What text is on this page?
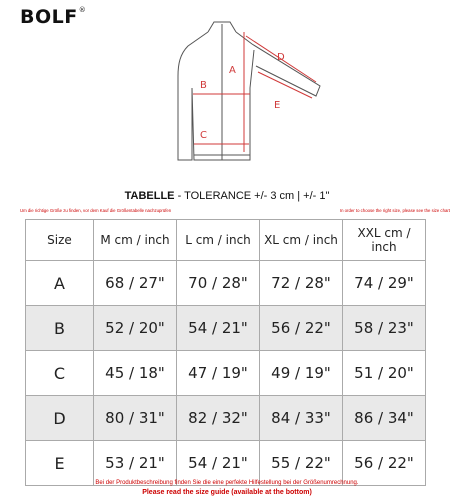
BOLF®
A
B
C
D
E
TABELLE - TOLERANCE +/- 3 cm | +/- 1"
Um die richtige Größe zu finden, vor dem Kauf die Größentabelle nachzuprüfen	In order to choose the right size, please see the size chart
Size	M cm / inch	L cm / inch	XL cm / inch	XXL cm / inch
A	68 / 27"	70 / 28"	72 / 28"	74 / 29"
B	52 / 20"	54 / 21"	56 / 22"	58 / 23"
C	45 / 18"	47 / 19"	49 / 19"	51 / 20"
D	80 / 31"	82 / 32"	84 / 33"	86 / 34"
E	53 / 21"	54 / 21"	55 / 22"	56 / 22"
Bei der Produktbeschreibung finden Sie die eine perfekte Hilfestellung bei der Größenumrechnung.
Please read the size guide (available at the bottom)
